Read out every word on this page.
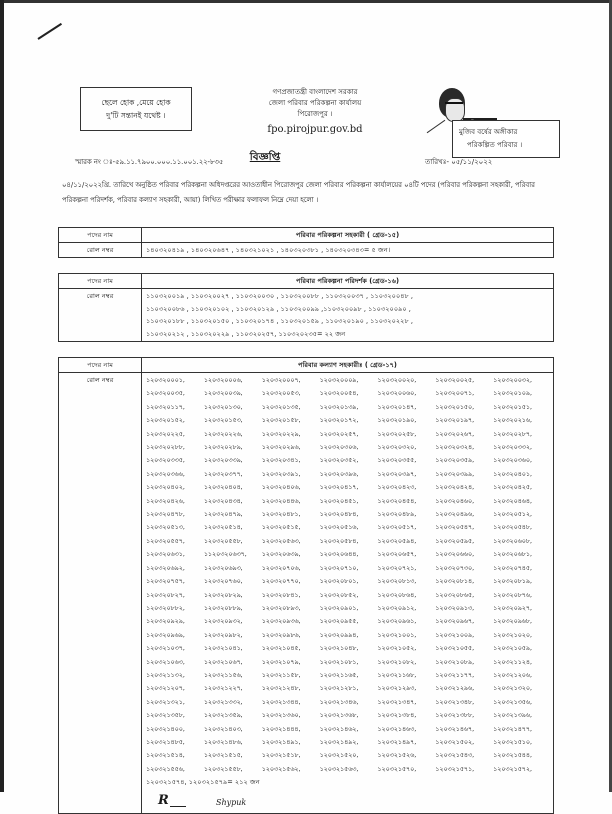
ছেলে হোক ,মেয়ে হোক
দু'টি সন্তানই যথেষ্ট ।
গণপ্রজাতন্ত্রী বাংলাদেশ সরকার
জেলা পরিবার পরিকল্পনা কার্যালয়
পিরোজপুর ।
fpo.pirojpur.gov.bd	মুজিব বর্ষের অঙ্গীকার
পরিকল্পিত পরিবার ।
স্মারক নং ঃ-৫৯.১১.৭৯০০.০০০.১১.০০১.২২-৮৩৫	বিজ্ঞপ্তি	তারিখঃ- ০৫/১১/২০২২
০৪/১১/২০২২খ্রি. তারিখে অনুষ্ঠিত পরিবার পরিকল্পনা অধিদপ্তরের আওতাধীন পিরোজপুর জেলা পরিবার পরিকল্পনা কার্যালয়ের ০৪টি পদের (পরিবার পরিকল্পনা সহকারী, পরিবার পরিকল্পনা পরিদর্শক, পরিবার কল্যাণ সহকারী, আয়া) লিখিত পরীক্ষার ফলাফল নিম্নে দেয়া হলো ।
পদের নাম	পরিবার পরিকল্পনা সহকারী ( গ্রেড-১৫)
রোল নম্বর	১৪০৩২০৪১৯ , ১৪০৩২০৬৪৭ , ১৪০৩২১০২১ , ১৪০৩২০৩৮১ , ১৪০৩২০৩৪৩= ৫ জন।
পদের নাম	পরিবার পরিকল্পনা পরিদর্শক (গ্রেড-১৬)
রোল নম্বর	১১০৩২০০১৯ , ১১০৩২০০২৭ , ১১০৩২০০৩০ , ১১০৩২০০৮৮ , ১১০৩২০০৩৭ , ১১০৩২০০৪৮ ,
১১০৩২০০৮৬ , ১১০৩২০১০২ , ১১০৩২০১২৯ , ১১০৩২০০৯৯ ,১১০৩২০০৯৮ , ১১০৩২০০৯০ ,
১১০৩২০১৮৮ , ১১০৩২০১৫০ , ১১০৩২০১৭৪ , ১১০৩২০১৫৯ , ১১০৩২০১৯০ , ১১০৩২০২২৮ ,
১১০৩২০২১২ , ১১০৩২০২২৯ , ১১০৩২০২৫৭, ১১০৩২০২৩৫= ২২ জন
পদের নাম	পরিবার কল্যাণ সহকারীঃ ( গ্রেড-১৭)
রোল নম্বর	১২০৩২০০০১,	১২০৩২০০০৬,	১২০৩২০০০৭,	১২০৩২০০০৯,	১২০৩২০০২০,	১২০৩২০০২৫,	১২০৩২০০৩২,
১২০৩২০০৩৫,	১২০৩২০০৩৯,	১২০৩২০০৫৩,	১২০৩২০০৫৪,	১২০৩২০০৬০,	১২০৩২০০৭১,	১২০৩২০১০৯,
১২০৩২০১১৭,	১২০৩২০১৩০,	১২০৩২০১৩৫,	১২০৩২০১৩৯,	১২০৩২০১৪৭,	১২০৩২০১৫০,	১২০৩২০১৫১,
১২০৩২০১৫২,	১২০৩২০১৫৩,	১২০৩২০১৫৮,	১২০৩২০১৭২,	১২০৩২০১৯০,	১২০৩২০১৯৭,	১২০৩২০২১৬,
১২০৩২০২২৫,	১২০৩২০২২৬,	১২০৩২০২২৯,	১২০৩২০২৫৭,	১২০৩২০২৫৮,	১২০৩২০২৬৭,	১২০৩২০২৮৭,
১২০৩২০২৮৮,	১২০৩২০২৮৯,	১২০৩২০২৯৬,	১২০৩২০৩০৬,	১২০৩২০৩২০,	১২০৩২০৩২৪,	১২০৩২০৩৩২,
১২০৩২০৩৩৫,	১২০৩২০৩৩৯,	১২০৩২০৩৪১,	১২০৩২০৩৫২,	১২০৩২০৩৫৫,	১২০৩২০৩৫৯,	১২০৩২০৩৬০,
১২০৩২০৩৬৬,	১২০৩২০৩৭৭,	১২০৩২০৩৯১,	১২০৩২০৩৯৬,	১২০৩২০৩৯৭,	১২০৩২০৩৯৯,	১২০৩২০৪০১,
১২০৩২০৪০২,	১২০৩২০৪০৪,	১২০৩২০৪০৬,	১২০৩২০৪১৭,	১২০৩২০৪২৩,	১২০৩২০৪২৪,	১২০৩২০৪২৫,
১২০৩২০৪২৬,	১২০৩২০৪৩৪,	১২০৩২০৪৪৬,	১২০৩২০৪৫১,	১২০৩২০৪৫৪,	১২০৩২০৪৬০,	১২০৩২০৪৬৪,
১২০৩২০৪৭৮,	১২০৩২০৪৭৯,	১২০৩২০৪৮১,	১২০৩২০৪৮৪,	১২০৩২০৪৮৯,	১২০৩২০৪৯৬,	১২০৩২০৫১২,
১২০৩২০৫১৩,	১২০৩২০৫১৪,	১২০৩২০৫১৫,	১২০৩২০৫১৬,	১২০৩২০৫১৭,	১২০৩২০৫৪৭,	১২০৩২০৫৪৮,
১২০৩২০৫৫৭,	১২০৩২০৫৫৮,	১২০৩২০৫৬৩,	১২০৩২০৫৮৪,	১২০৩২০৫৯৪,	১২০৩২০৫৯৫,	১২০৩২০৬০৮,
১২০৩২০৬৩১,	১১২০৩২০৬৩৭,	১২০৩২০৬৩৯,	১২০৩২০৬৪৪,	১২০৩২০৬৫৭,	১২০৩২০৬৬০,	১২০৩২০৬৮১,
১২০৩২০৬৯২,	১২০৩২০৬৯৩,	১২০৩২০৭০৬,	১২০৩২০৭১০,	১২০৩২০৭২১,	১২০৩২০৭৩০,	১২০৩২০৭৪৫,
১২০৩২০৭৫৭,	১২০৩২০৭৬০,	১২০৩২০৭৭০,	১২০৩২০৮০১,	১২০৩২০৮১৩,	১২০৩২০৮১৪,	১২০৩২০৮১৯,
১২০৩২০৮২৭,	১২০৩২০৮২৯,	১২০৩২০৮৪১,	১২০৩২০৮৫২,	১২০৩২০৮৬৪,	১২০৩২০৮৬৫,	১২০৩২০৮৭৬,
১২০৩২০৮৮২,	১২০৩২০৮৮৯,	১২০৩২০৮৯৩,	১২০৩২০৯০১,	১২০৩২০৯১২,	১২০৩২০৯১৩,	১২০৩২০৯২৭,
১২০৩২০৯২৯,	১২০৩২০৯৩২,	১২০৩২০৯৩৬,	১২০৩২০৯৫৫,	১২০৩২০৯৬১,	১২০৩২০৯৬৭,	১২০৩২০৯৬৮,
১২০৩২০৯৬৯,	১২০৩২০৯৮২,	১২০৩২০৯৮৬,	১২০৩২০৯৯৪,	১২০৩২১০০১,	১২০৩২১০০৯,	১২০৩২১০২০,
১২০৩২১০৩৭,	১২০৩২১০৪১,	১২০৩২১০৪৫,	১২০৩২১০৪৮,	১২০৩২১০৫২,	১২০৩২১০৫৫,	১২০৩২১০৫৯,
১২০৩২১০৬৩,	১২০৩২১০৬৭,	১২০৩২১০৭৯,	১২০৩২১০৮১,	১২০৩২১০৮২,	১২০৩২১০৮৯,	১২০৩২১১২৪,
১২০৩২১১৩২,	১২০৩২১১৫৬,	১২০৩২১১৫৮,	১২০৩২১১৬৫,	১২০৩২১১৬৮,	১২০৩২১১৭৭,	১২০৩২১২০৬,
১২০৩২১২০৭,	১২০৩২১২২৭,	১২০৩২১২৪৮,	১২০৩২১২৮১,	১২০৩২১২৯৩,	১২০৩২১২৯৬,	১২০৩২১৩২০,
১২০৩২১৩২১,	১২০৩২১৩৩২,	১২০৩২১৩৪৪,	১২০৩২১৩৪৬,	১২০৩২১৩৪৭,	১২০৩২১৩৪৮,	১২০৩২১৩৫৬,
১২০৩২১৩৫৮,	১২০৩২১৩৫৯,	১২০৩২১৩৬০,	১২০৩২১৩৬৮,	১২০৩২১৩৮৪,	১২০৩২১৩৮৮,	১২০৩২১৩৯৬,
১২০৩২১৪০০,	১২০৩২১৪০৩,	১২০৩২১৪৪৪,	১২০৩২১৪৬২,	১২০৩২১৪৬৩,	১২০৩২১৪৬৭,	১২০৩২১৪৭৭,
১২০৩২১৪৮৫,	১২০৩২১৪৮৬,	১২০৩২১৪৯১,	১২০৩২১৪৯২,	১২০৩২১৪৯৭,	১২০৩২১৫০২,	১২০৩২১৫১০,
১২০৩২১৫১৪,	১২০৩২১৫১৫,	১২০৩২১৫১৮,	১২০৩২১৫২০,	১২০৩২১৫২৬,	১২০৩২১৫৪৩,	১২০৩২১৫৪৪,
১২০৩২১৫৫৬,	১২০৩২১৫৫৮,	১২০৩২১৫৬২,	১২০৩২১৫৬৩,	১২০৩২১৫৭০,	১২০৩২১৫৭১,	১২০৩২১৫৭২,
১২০৩২১৫৭৪, ১২০৩২১৫৭৯= ২১২ জন
R	Shypuk
